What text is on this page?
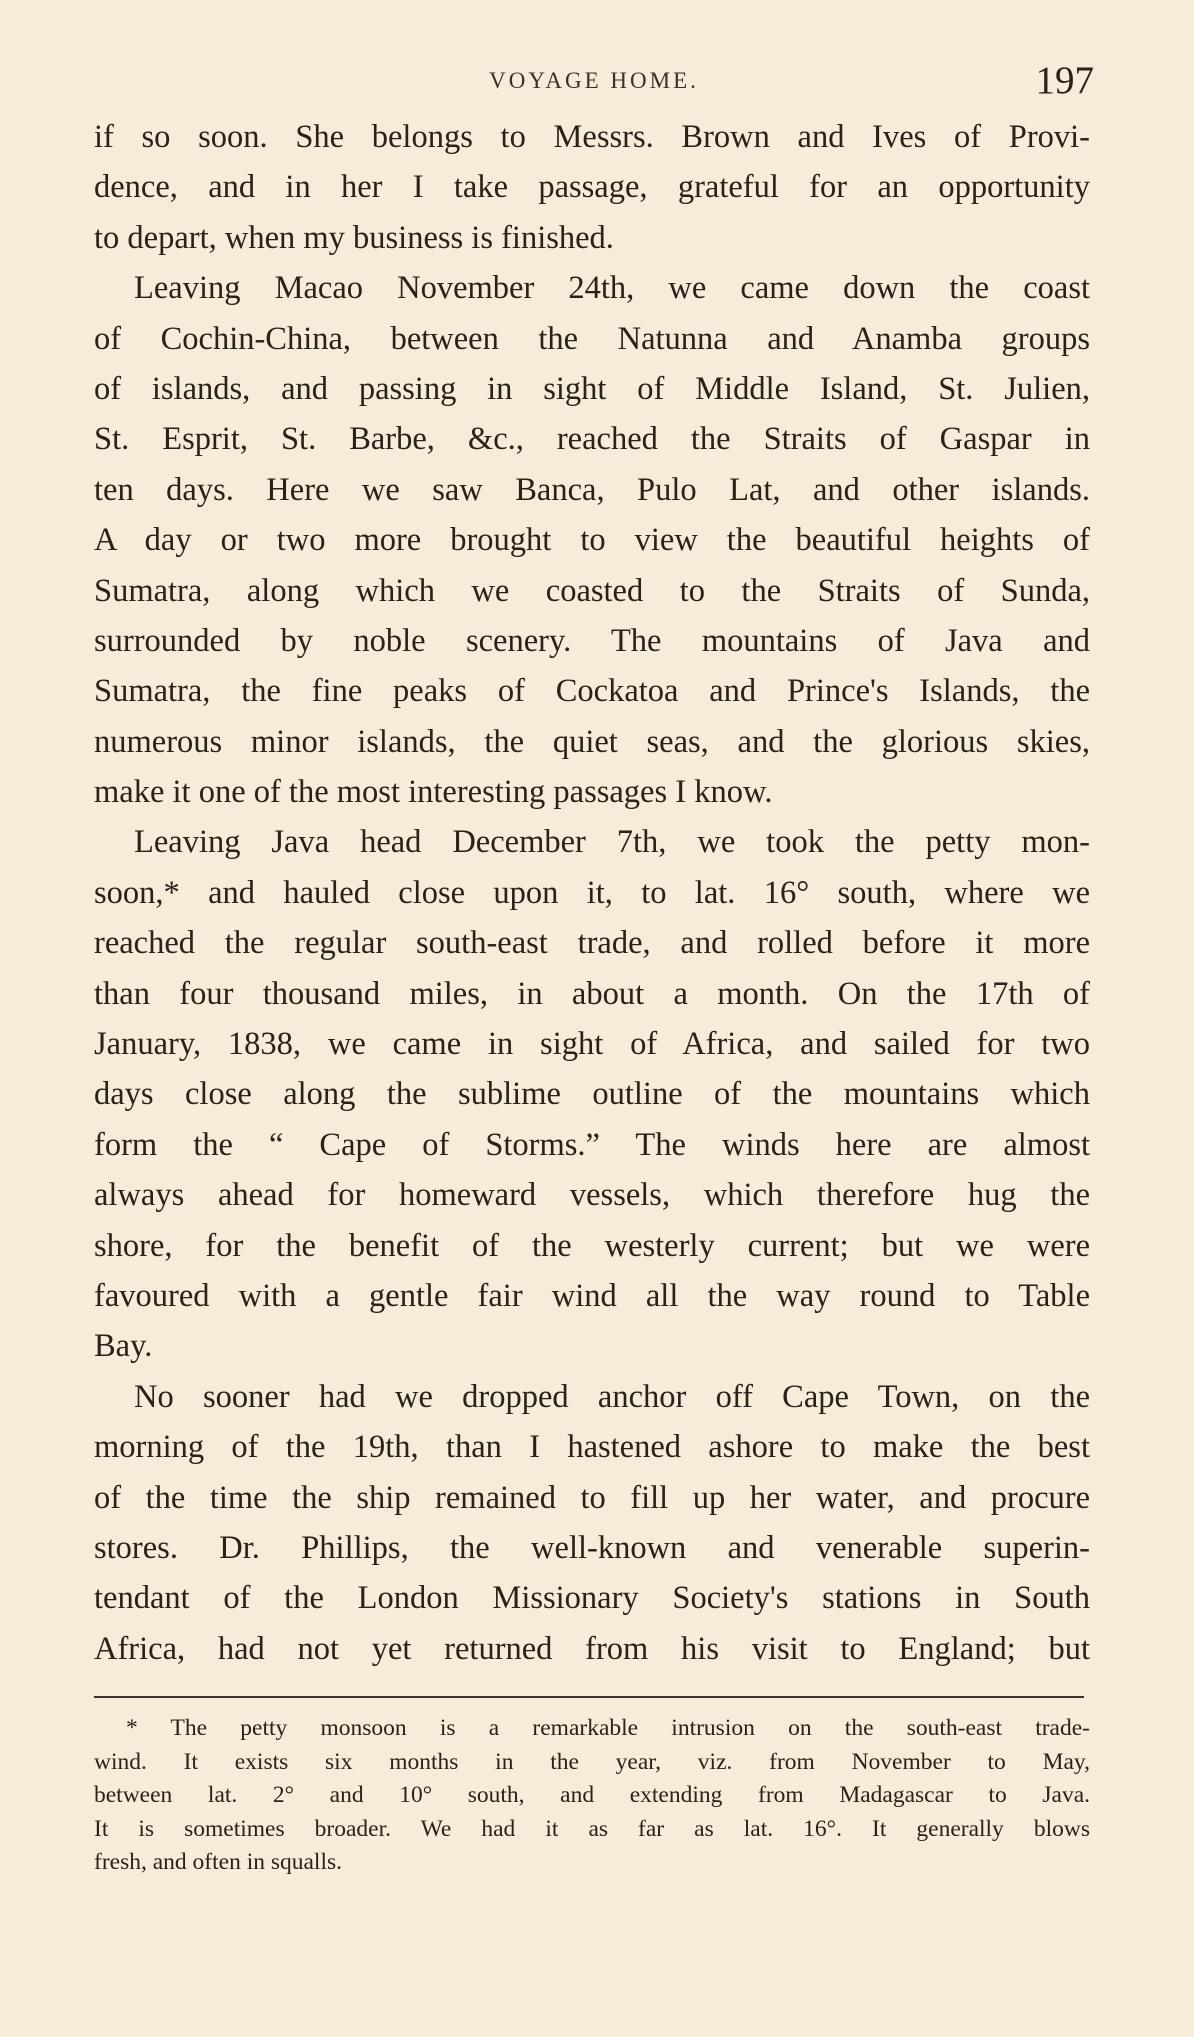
VOYAGE HOME.	197
if so soon. She belongs to Messrs. Brown and Ives of Provi-
dence, and in her I take passage, grateful for an opportunity
to depart, when my business is finished.
Leaving Macao November 24th, we came down the coast
of Cochin-China, between the Natunna and Anamba groups
of islands, and passing in sight of Middle Island, St. Julien,
St. Esprit, St. Barbe, &c., reached the Straits of Gaspar in
ten days. Here we saw Banca, Pulo Lat, and other islands.
A day or two more brought to view the beautiful heights of
Sumatra, along which we coasted to the Straits of Sunda,
surrounded by noble scenery. The mountains of Java and
Sumatra, the fine peaks of Cockatoa and Prince's Islands, the
numerous minor islands, the quiet seas, and the glorious skies,
make it one of the most interesting passages I know.
Leaving Java head December 7th, we took the petty mon-
soon,* and hauled close upon it, to lat. 16° south, where we
reached the regular south-east trade, and rolled before it more
than four thousand miles, in about a month. On the 17th of
January, 1838, we came in sight of Africa, and sailed for two
days close along the sublime outline of the mountains which
form the “ Cape of Storms.” The winds here are almost
always ahead for homeward vessels, which therefore hug the
shore, for the benefit of the westerly current; but we were
favoured with a gentle fair wind all the way round to Table
Bay.
No sooner had we dropped anchor off Cape Town, on the
morning of the 19th, than I hastened ashore to make the best
of the time the ship remained to fill up her water, and procure
stores. Dr. Phillips, the well-known and venerable superin-
tendant of the London Missionary Society's stations in South
Africa, had not yet returned from his visit to England; but
* The petty monsoon is a remarkable intrusion on the south-east trade-
wind. It exists six months in the year, viz. from November to May,
between lat. 2° and 10° south, and extending from Madagascar to Java.
It is sometimes broader. We had it as far as lat. 16°. It generally blows
fresh, and often in squalls.
